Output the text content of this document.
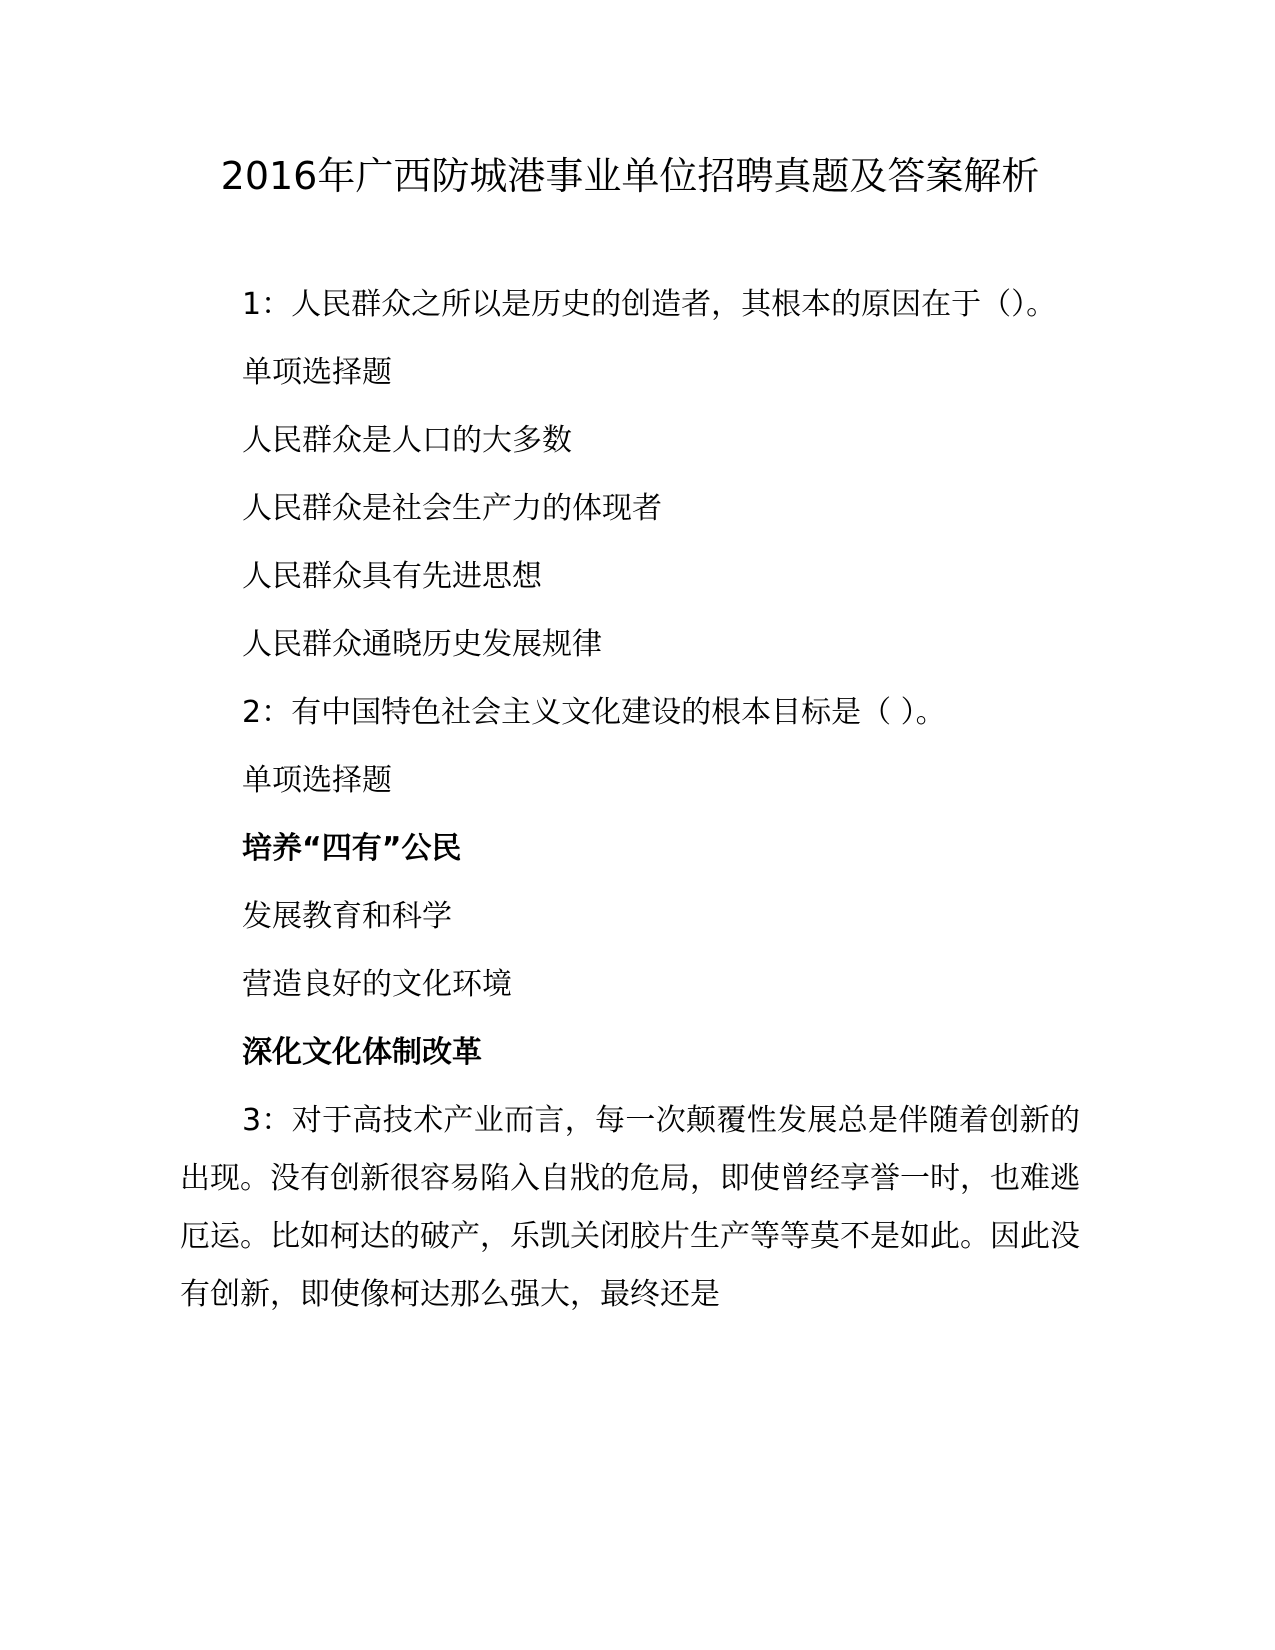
2016年广西防城港事业单位招聘真题及答案解析

1：人民群众之所以是历史的创造者，其根本的原因在于（）。

单项选择题

人民群众是人口的大多数

人民群众是社会生产力的体现者

人民群众具有先进思想

人民群众通晓历史发展规律

2：有中国特色社会主义文化建设的根本目标是（ ）。

单项选择题

培养“四有”公民

发展教育和科学

营造良好的文化环境

深化文化体制改革

3：对于高技术产业而言，每一次颠覆性发展总是伴随着创新的出现。没有创新很容易陷入自戕的危局，即使曾经享誉一时，也难逃厄运。比如柯达的破产，乐凯关闭胶片生产等等莫不是如此。因此没有创新，即使像柯达那么强大，最终还是
